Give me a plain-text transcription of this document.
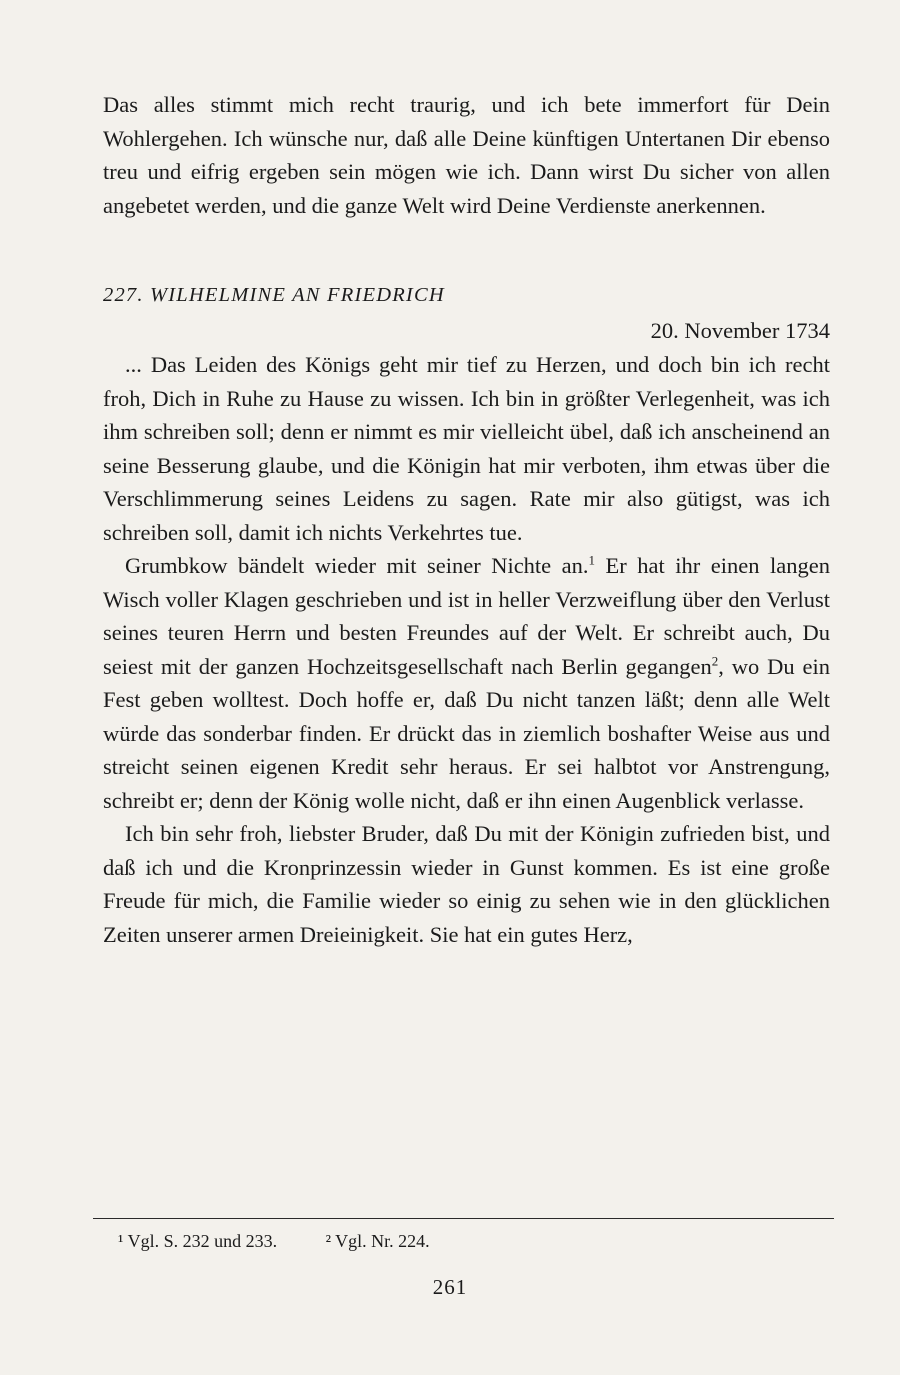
Das alles stimmt mich recht traurig, und ich bete immerfort für Dein Wohlergehen. Ich wünsche nur, daß alle Deine künftigen Untertanen Dir ebenso treu und eifrig ergeben sein mögen wie ich. Dann wirst Du sicher von allen angebetet werden, und die ganze Welt wird Deine Verdienste anerkennen.

227. WILHELMINE AN FRIEDRICH

20. November 1734

... Das Leiden des Königs geht mir tief zu Herzen, und doch bin ich recht froh, Dich in Ruhe zu Hause zu wissen. Ich bin in größter Verlegenheit, was ich ihm schreiben soll; denn er nimmt es mir vielleicht übel, daß ich anscheinend an seine Besserung glaube, und die Königin hat mir verboten, ihm etwas über die Verschlimmerung seines Leidens zu sagen. Rate mir also gütigst, was ich schreiben soll, damit ich nichts Verkehrtes tue.

Grumbkow bändelt wieder mit seiner Nichte an.$^1$ Er hat ihr einen langen Wisch voller Klagen geschrieben und ist in heller Verzweiflung über den Verlust seines teuren Herrn und besten Freundes auf der Welt. Er schreibt auch, Du seiest mit der ganzen Hochzeitsgesellschaft nach Berlin gegangen$^2$, wo Du ein Fest geben wolltest. Doch hoffe er, daß Du nicht tanzen läßt; denn alle Welt würde das sonderbar finden. Er drückt das in ziemlich boshafter Weise aus und streicht seinen eigenen Kredit sehr heraus. Er sei halbtot vor Anstrengung, schreibt er; denn der König wolle nicht, daß er ihn einen Augenblick verlasse.

Ich bin sehr froh, liebster Bruder, daß Du mit der Königin zufrieden bist, und daß ich und die Kronprinzessin wieder in Gunst kommen. Es ist eine große Freude für mich, die Familie wieder so einig zu sehen wie in den glücklichen Zeiten unserer armen Dreieinigkeit. Sie hat ein gutes Herz,

¹ Vgl. S. 232 und 233.	² Vgl. Nr. 224.
261
